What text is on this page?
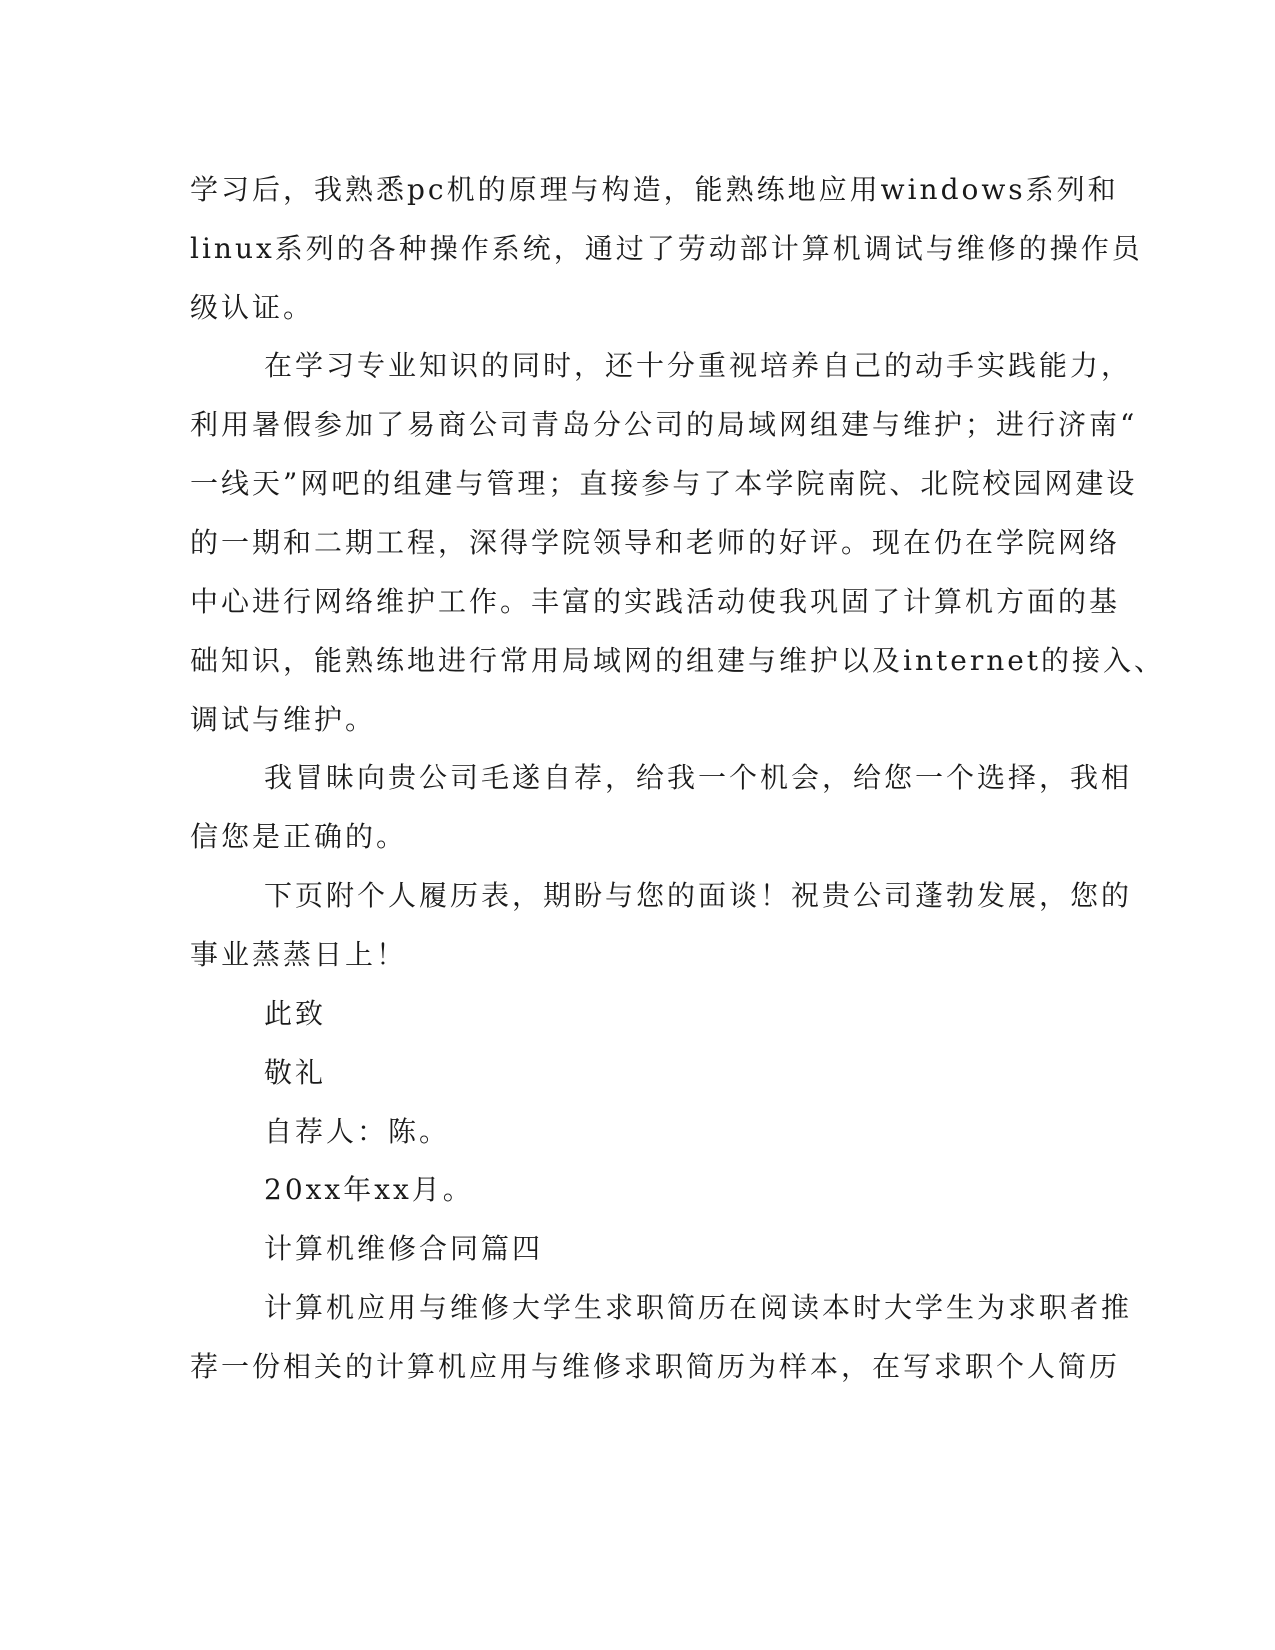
学习后，我熟悉pc机的原理与构造，能熟练地应用windows系列和
linux系列的各种操作系统，通过了劳动部计算机调试与维修的操作员
级认证。
在学习专业知识的同时，还十分重视培养自己的动手实践能力，
利用暑假参加了易商公司青岛分公司的局域网组建与维护；进行济南“
一线天”网吧的组建与管理；直接参与了本学院南院、北院校园网建设
的一期和二期工程，深得学院领导和老师的好评。现在仍在学院网络
中心进行网络维护工作。丰富的实践活动使我巩固了计算机方面的基
础知识，能熟练地进行常用局域网的组建与维护以及internet的接入、
调试与维护。
我冒昧向贵公司毛遂自荐，给我一个机会，给您一个选择，我相
信您是正确的。
下页附个人履历表，期盼与您的面谈！祝贵公司蓬勃发展，您的
事业蒸蒸日上！
此致
敬礼
自荐人：陈。
20xx年xx月。
计算机维修合同篇四
计算机应用与维修大学生求职简历在阅读本时大学生为求职者推
荐一份相关的计算机应用与维修求职简历为样本，在写求职个人简历
